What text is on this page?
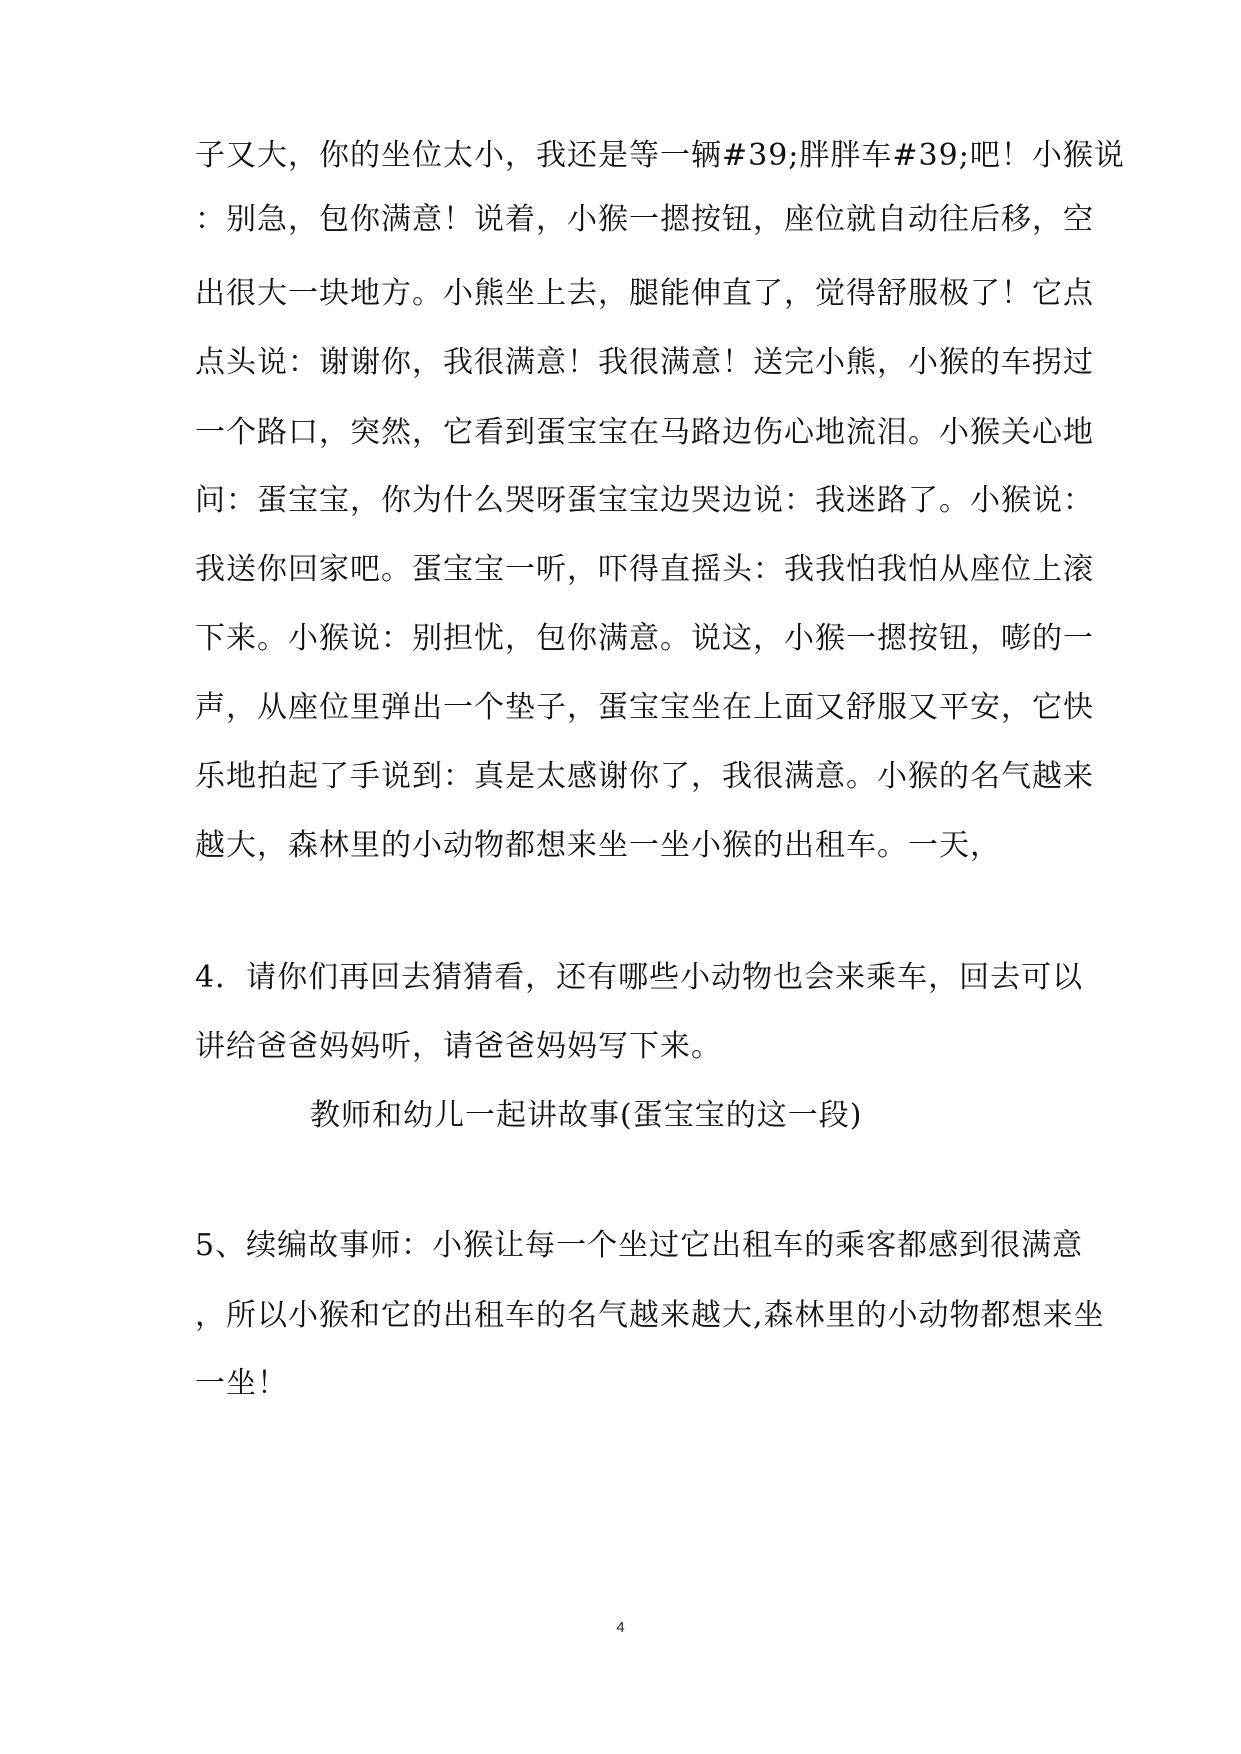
子又大，你的坐位太小，我还是等一辆#39;胖胖车#39;吧！小猴说
：别急，包你满意！说着，小猴一摁按钮，座位就自动往后移，空
出很大一块地方。小熊坐上去，腿能伸直了，觉得舒服极了！它点
点头说：谢谢你，我很满意！我很满意！送完小熊，小猴的车拐过
一个路口，突然，它看到蛋宝宝在马路边伤心地流泪。小猴关心地
问：蛋宝宝，你为什么哭呀蛋宝宝边哭边说：我迷路了。小猴说：
我送你回家吧。蛋宝宝一听，吓得直摇头：我我怕我怕从座位上滚
下来。小猴说：别担忧，包你满意。说这，小猴一摁按钮，嘭的一
声，从座位里弹出一个垫子，蛋宝宝坐在上面又舒服又平安，它快
乐地拍起了手说到：真是太感谢你了，我很满意。小猴的名气越来
越大，森林里的小动物都想来坐一坐小猴的出租车。一天，
4．请你们再回去猜猜看，还有哪些小动物也会来乘车，回去可以
讲给爸爸妈妈听，请爸爸妈妈写下来。
教师和幼儿一起讲故事(蛋宝宝的这一段)
5、续编故事师：小猴让每一个坐过它出租车的乘客都感到很满意
，所以小猴和它的出租车的名气越来越大,森林里的小动物都想来坐
一坐！
4
